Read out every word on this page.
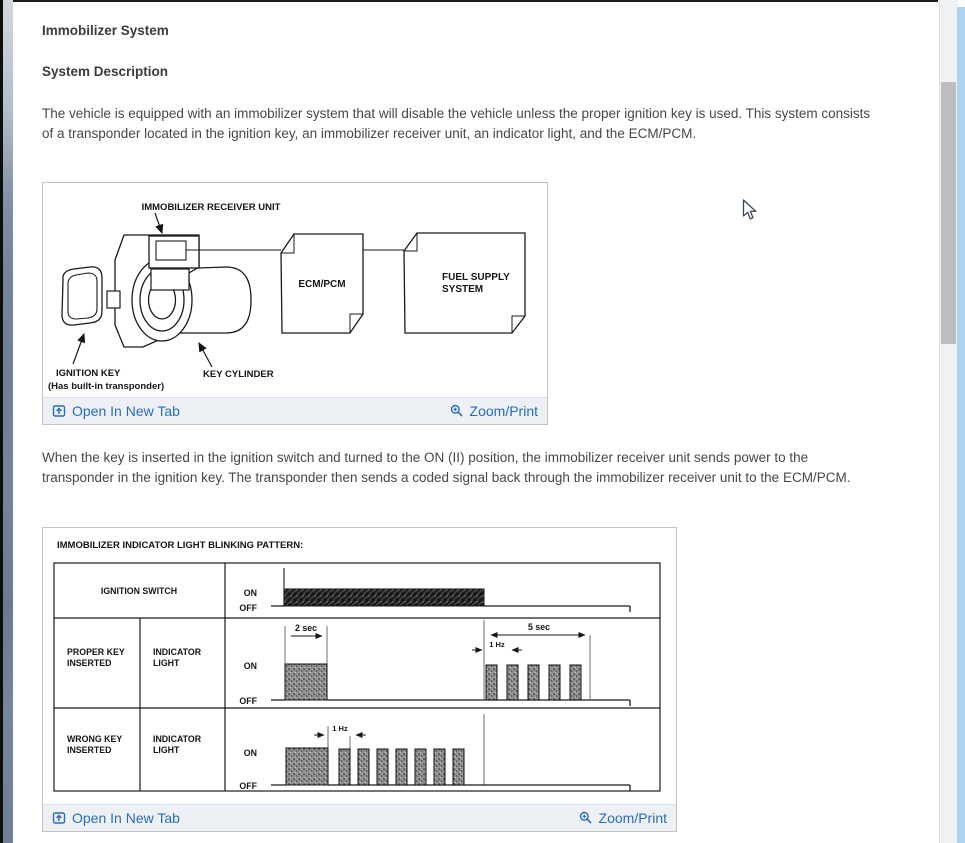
Immobilizer System
System Description
The vehicle is equipped with an immobilizer system that will disable the vehicle unless the proper ignition key is used. This system consists
of a transponder located in the ignition key, an immobilizer receiver unit, an indicator light, and the ECM/PCM.
IMMOBILIZER RECEIVER UNIT
ECM/PCM
FUEL SUPPLY
SYSTEM
IGNITION KEY
(Has built-in transponder)
KEY CYLINDER
Open In New Tab	Zoom/Print
When the key is inserted in the ignition switch and turned to the ON (II) position, the immobilizer receiver unit sends power to the
transponder in the ignition key. The transponder then sends a coded signal back through the immobilizer receiver unit to the ECM/PCM.
IMMOBILIZER INDICATOR LIGHT BLINKING PATTERN:
IGNITION SWITCH
PROPER KEY
INSERTED
INDICATOR
LIGHT
WRONG KEY
INSERTED
INDICATOR
LIGHT
ON
OFF
ON
OFF
ON
OFF
2 sec	5 sec
1 Hz
1 Hz
Open In New Tab	Zoom/Print
